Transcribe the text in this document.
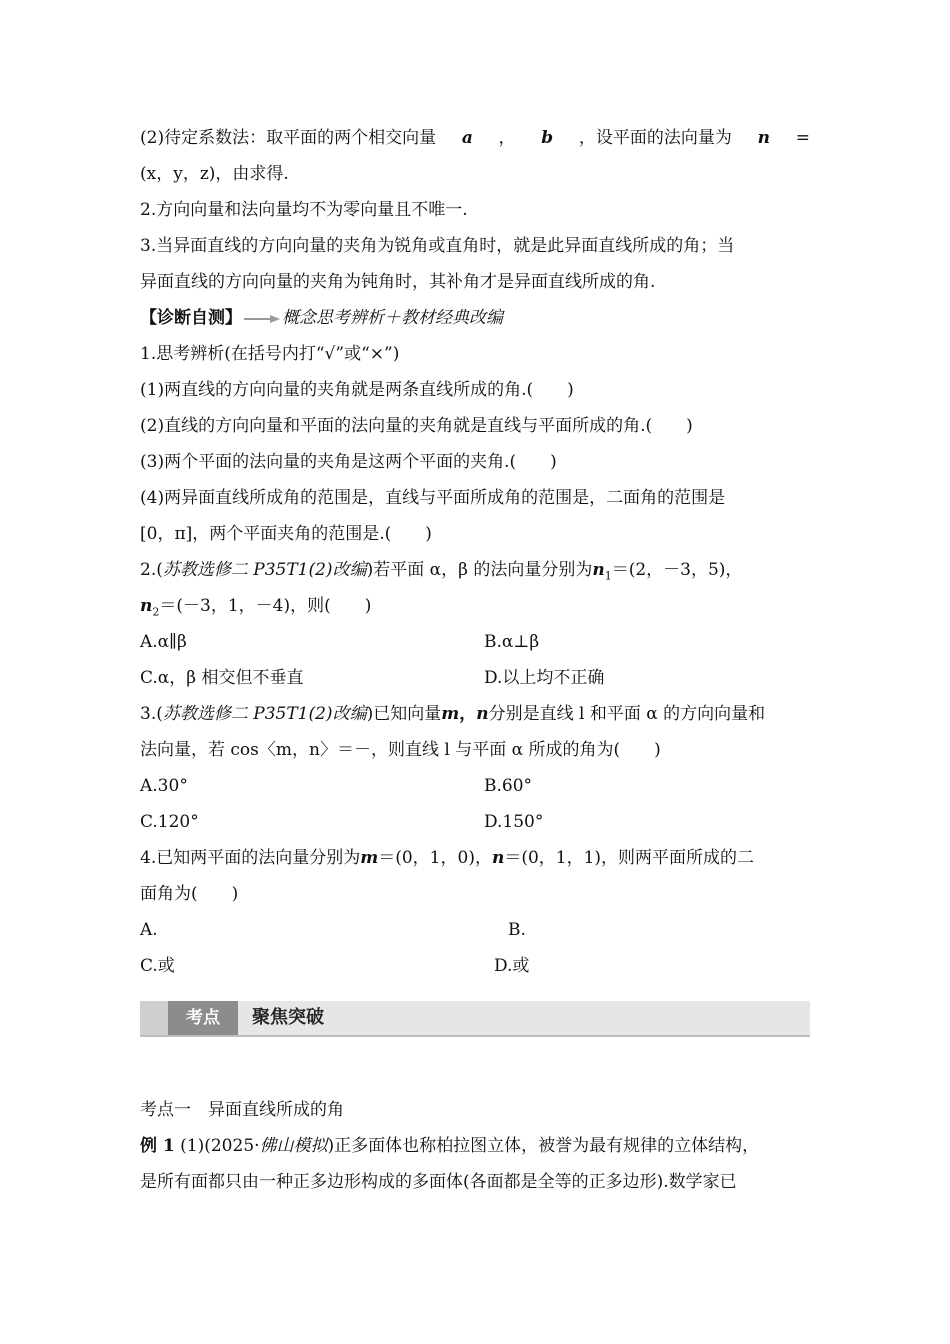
(2)待定系数法：取平面的两个相交向量 a ， b ，设平面的法向量为 n =
(x，y，z)，由求得.
2.方向向量和法向量均不为零向量且不唯一.
3.当异面直线的方向向量的夹角为锐角或直角时，就是此异面直线所成的角；当
异面直线的方向向量的夹角为钝角时，其补角才是异面直线所成的角.
【诊断自测】 概念思考辨析＋教材经典改编
1.思考辨析(在括号内打“√”或“×”)
(1)两直线的方向向量的夹角就是两条直线所成的角.(　　)
(2)直线的方向向量和平面的法向量的夹角就是直线与平面所成的角.(　　)
(3)两个平面的法向量的夹角是这两个平面的夹角.(　　)
(4)两异面直线所成角的范围是，直线与平面所成角的范围是，二面角的范围是
[0，π]，两个平面夹角的范围是.(　　)
2.(苏教选修二 P35T1(2)改编)若平面 α，β 的法向量分别为$n_1=(2$，－3，5)，
$n_2=(-3$，1，－4)，则(　　)
A.α∥β	B.α⊥β
C.α，β 相交但不垂直	D.以上均不正确
3.(苏教选修二 P35T1(2)改编)已知向量m，n分别是直线 l 和平面 α 的方向向量和
法向量，若 cos〈m，n〉＝－，则直线 l 与平面 α 所成的角为(　　)
A.30°	B.60°
C.120°	D.150°
4.已知两平面的法向量分别为m＝(0，1，0)，n＝(0，1，1)，则两平面所成的二
面角为(　　)
A.	B.
C.或	D.或
考点	聚焦突破
考点一　异面直线所成的角
例 1 (1)(2025·佛山模拟)正多面体也称柏拉图立体，被誉为最有规律的立体结构，
是所有面都只由一种正多边形构成的多面体(各面都是全等的正多边形).数学家已
